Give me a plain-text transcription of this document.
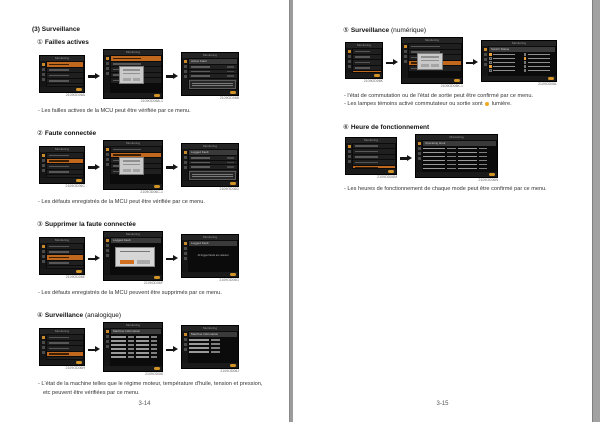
(3) Surveillance
① Failles actives
Monitoring
2109OD06A
Monitoring
2109OD06A-1
Monitoring
Active Fault
2109OD06B
- Les failles actives de la MCU peut être vérifiée par ce menu.
② Faute connectée
Monitoring
2109OD06C
Monitoring
2109OD06C-1
Monitoring
Logged Fault
2109OD06D
- Les défauts enregistrés de la MCU peut être vérifiée par ce menu.
③ Supprimer la faute connectée
Monitoring
2109OD06E
Monitoring
Logged Fault
2109OD06F
Monitoring
Logged Fault
All logged faults are deleted
2109OD06G
- Les défauts enregistrés de la MCU peuvent être supprimés par ce menu.
④ Surveillance (analogique)
Monitoring
2109OD06H
Monitoring
Machine Information
2109OD06I
Monitoring
Machine Information
2109OD06J
- L'état de la machine telles que le régime moteur, température d'huile, tension et pression,
etc peuvent être vérifiées par ce menu.
3-14
⑤ Surveillance (numérique)
Monitoring
2109OD06K
Monitoring
2109OD06K-1
Monitoring
Switch Status
2109OD06L
- l'état de commutation ou de l'état de sortie peut être confirmé par ce menu.
- Les lampes témoins activé commutateur ou sortie sont  lumière.
⑥ Heure de fonctionnement
Monitoring
2109OD06M
Monitoring
Operating Hour
2109OD06N
- Les heures de fonctionnement de chaque mode peut être confirmé par ce menu.
3-15
